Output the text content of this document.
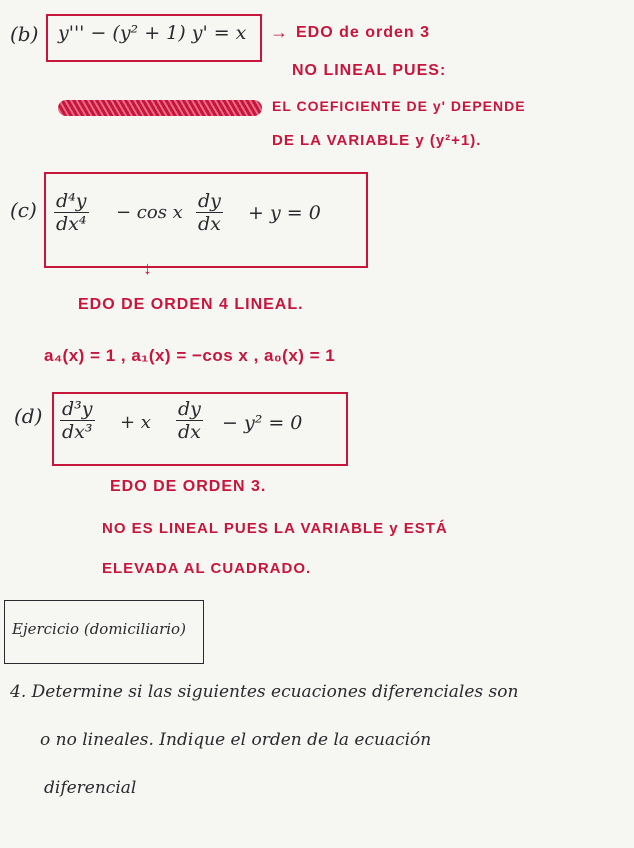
(b) y''' − (y² + 1) y' = x → EDO de orden 3
NO LINEAL PUES:
EL COEFICIENTE DE y' DEPENDE
DE LA VARIABLE y (y²+1).
$(c) \frac{\text{d⁴y}}{\text{dx⁴}} - \cos x \frac{dy}{dx} + y = 0$
↓
EDO DE ORDEN 4 LINEAL.
a₄(x) = 1 , a₁(x) = −cos x , a₀(x) = 1
$(d) \frac{\text{d³y}}{\text{dx³}} + x \frac{dy}{dx} - y^2 = 0$
EDO DE ORDEN 3.
NO ES LINEAL PUES LA VARIABLE y ESTÁ
ELEVADA AL CUADRADO.
Ejercicio (domiciliario)
4. Determine si las siguientes ecuaciones diferenciales son
o no lineales. Indique el orden de la ecuación
diferencial
